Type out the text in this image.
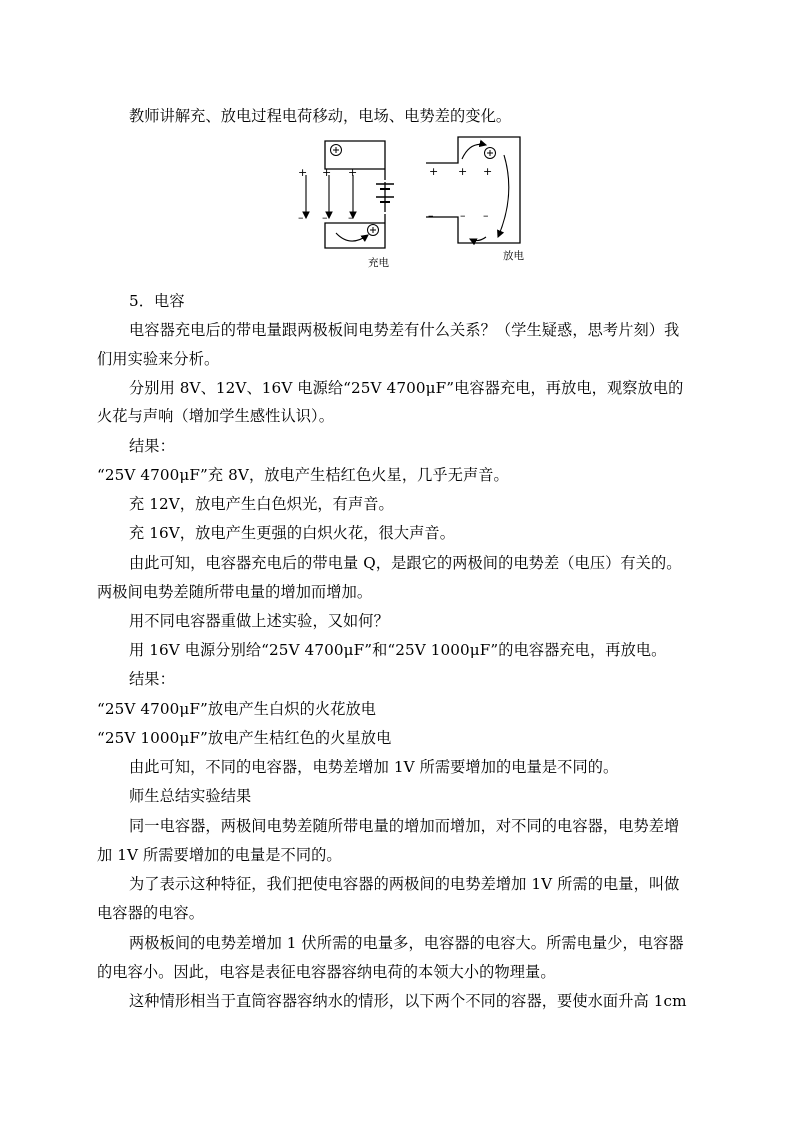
教师讲解充、放电过程电荷移动，电场、电势差的变化。
+ + +
– – –
充电
+ + +
– – –
放电
5．电容
电容器充电后的带电量跟两极板间电势差有什么关系？（学生疑惑，思考片刻）我
们用实验来分析。
分别用 8V、12V、16V 电源给“25V 4700μF”电容器充电，再放电，观察放电的
火花与声响（增加学生感性认识）。
结果：
“25V 4700μF”充 8V，放电产生桔红色火星，几乎无声音。
充 12V，放电产生白色炽光，有声音。
充 16V，放电产生更强的白炽火花，很大声音。
由此可知，电容器充电后的带电量 Q，是跟它的两极间的电势差（电压）有关的。
两极间电势差随所带电量的增加而增加。
用不同电容器重做上述实验，又如何？
用 16V 电源分别给“25V 4700μF”和“25V 1000μF”的电容器充电，再放电。
结果：
“25V 4700μF”放电产生白炽的火花放电
“25V 1000μF”放电产生桔红色的火星放电
由此可知，不同的电容器，电势差增加 1V 所需要增加的电量是不同的。
师生总结实验结果
同一电容器，两极间电势差随所带电量的增加而增加，对不同的电容器，电势差增
加 1V 所需要增加的电量是不同的。
为了表示这种特征，我们把使电容器的两极间的电势差增加 1V 所需的电量，叫做
电容器的电容。
两极板间的电势差增加 1 伏所需的电量多，电容器的电容大。所需电量少，电容器
的电容小。因此，电容是表征电容器容纳电荷的本领大小的物理量。
这种情形相当于直筒容器容纳水的情形，以下两个不同的容器，要使水面升高 1cm
